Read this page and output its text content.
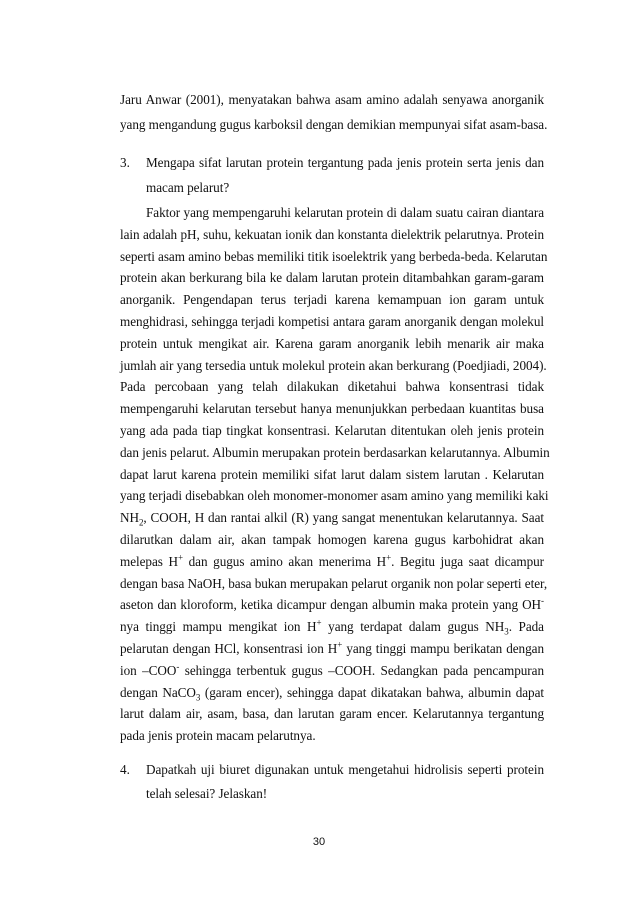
Jaru Anwar (2001), menyatakan bahwa asam amino adalah senyawa anorganik
yang mengandung gugus karboksil dengan demikian mempunyai sifat asam-basa.
3. Mengapa sifat larutan protein tergantung pada jenis protein serta jenis dan
macam pelarut?
Faktor yang mempengaruhi kelarutan protein di dalam suatu cairan diantara
lain adalah pH, suhu, kekuatan ionik dan konstanta dielektrik pelarutnya. Protein
seperti asam amino bebas memiliki titik isoelektrik yang berbeda-beda. Kelarutan
protein akan berkurang bila ke dalam larutan protein ditambahkan garam-garam
anorganik. Pengendapan terus terjadi karena kemampuan ion garam untuk
menghidrasi, sehingga terjadi kompetisi antara garam anorganik dengan molekul
protein untuk mengikat air. Karena garam anorganik lebih menarik air maka
jumlah air yang tersedia untuk molekul protein akan berkurang (Poedjiadi, 2004).
Pada percobaan yang telah dilakukan diketahui bahwa konsentrasi tidak
mempengaruhi kelarutan tersebut hanya menunjukkan perbedaan kuantitas busa
yang ada pada tiap tingkat konsentrasi. Kelarutan ditentukan oleh jenis protein
dan jenis pelarut. Albumin merupakan protein berdasarkan kelarutannya. Albumin
dapat larut karena protein memiliki sifat larut dalam sistem larutan . Kelarutan
yang terjadi disebabkan oleh monomer-monomer asam amino yang memiliki kaki
$NH_2$, COOH, H dan rantai alkil (R) yang sangat menentukan kelarutannya. Saat
dilarutkan dalam air, akan tampak homogen karena gugus karbohidrat akan
melepas H+ dan gugus amino akan menerima H+. Begitu juga saat dicampur
dengan basa NaOH, basa bukan merupakan pelarut organik non polar seperti eter,
aseton dan kloroform, ketika dicampur dengan albumin maka protein yang OH-
nya tinggi mampu mengikat ion H+ yang terdapat dalam gugus $NH_3$. Pada
pelarutan dengan HCl, konsentrasi ion H+ yang tinggi mampu berikatan dengan
ion –COO- sehingga terbentuk gugus –COOH. Sedangkan pada pencampuran
dengan NaCO$_3$ (garam encer), sehingga dapat dikatakan bahwa, albumin dapat
larut dalam air, asam, basa, dan larutan garam encer. Kelarutannya tergantung
pada jenis protein macam pelarutnya.
4. Dapatkah uji biuret digunakan untuk mengetahui hidrolisis seperti protein
telah selesai? Jelaskan!
30
